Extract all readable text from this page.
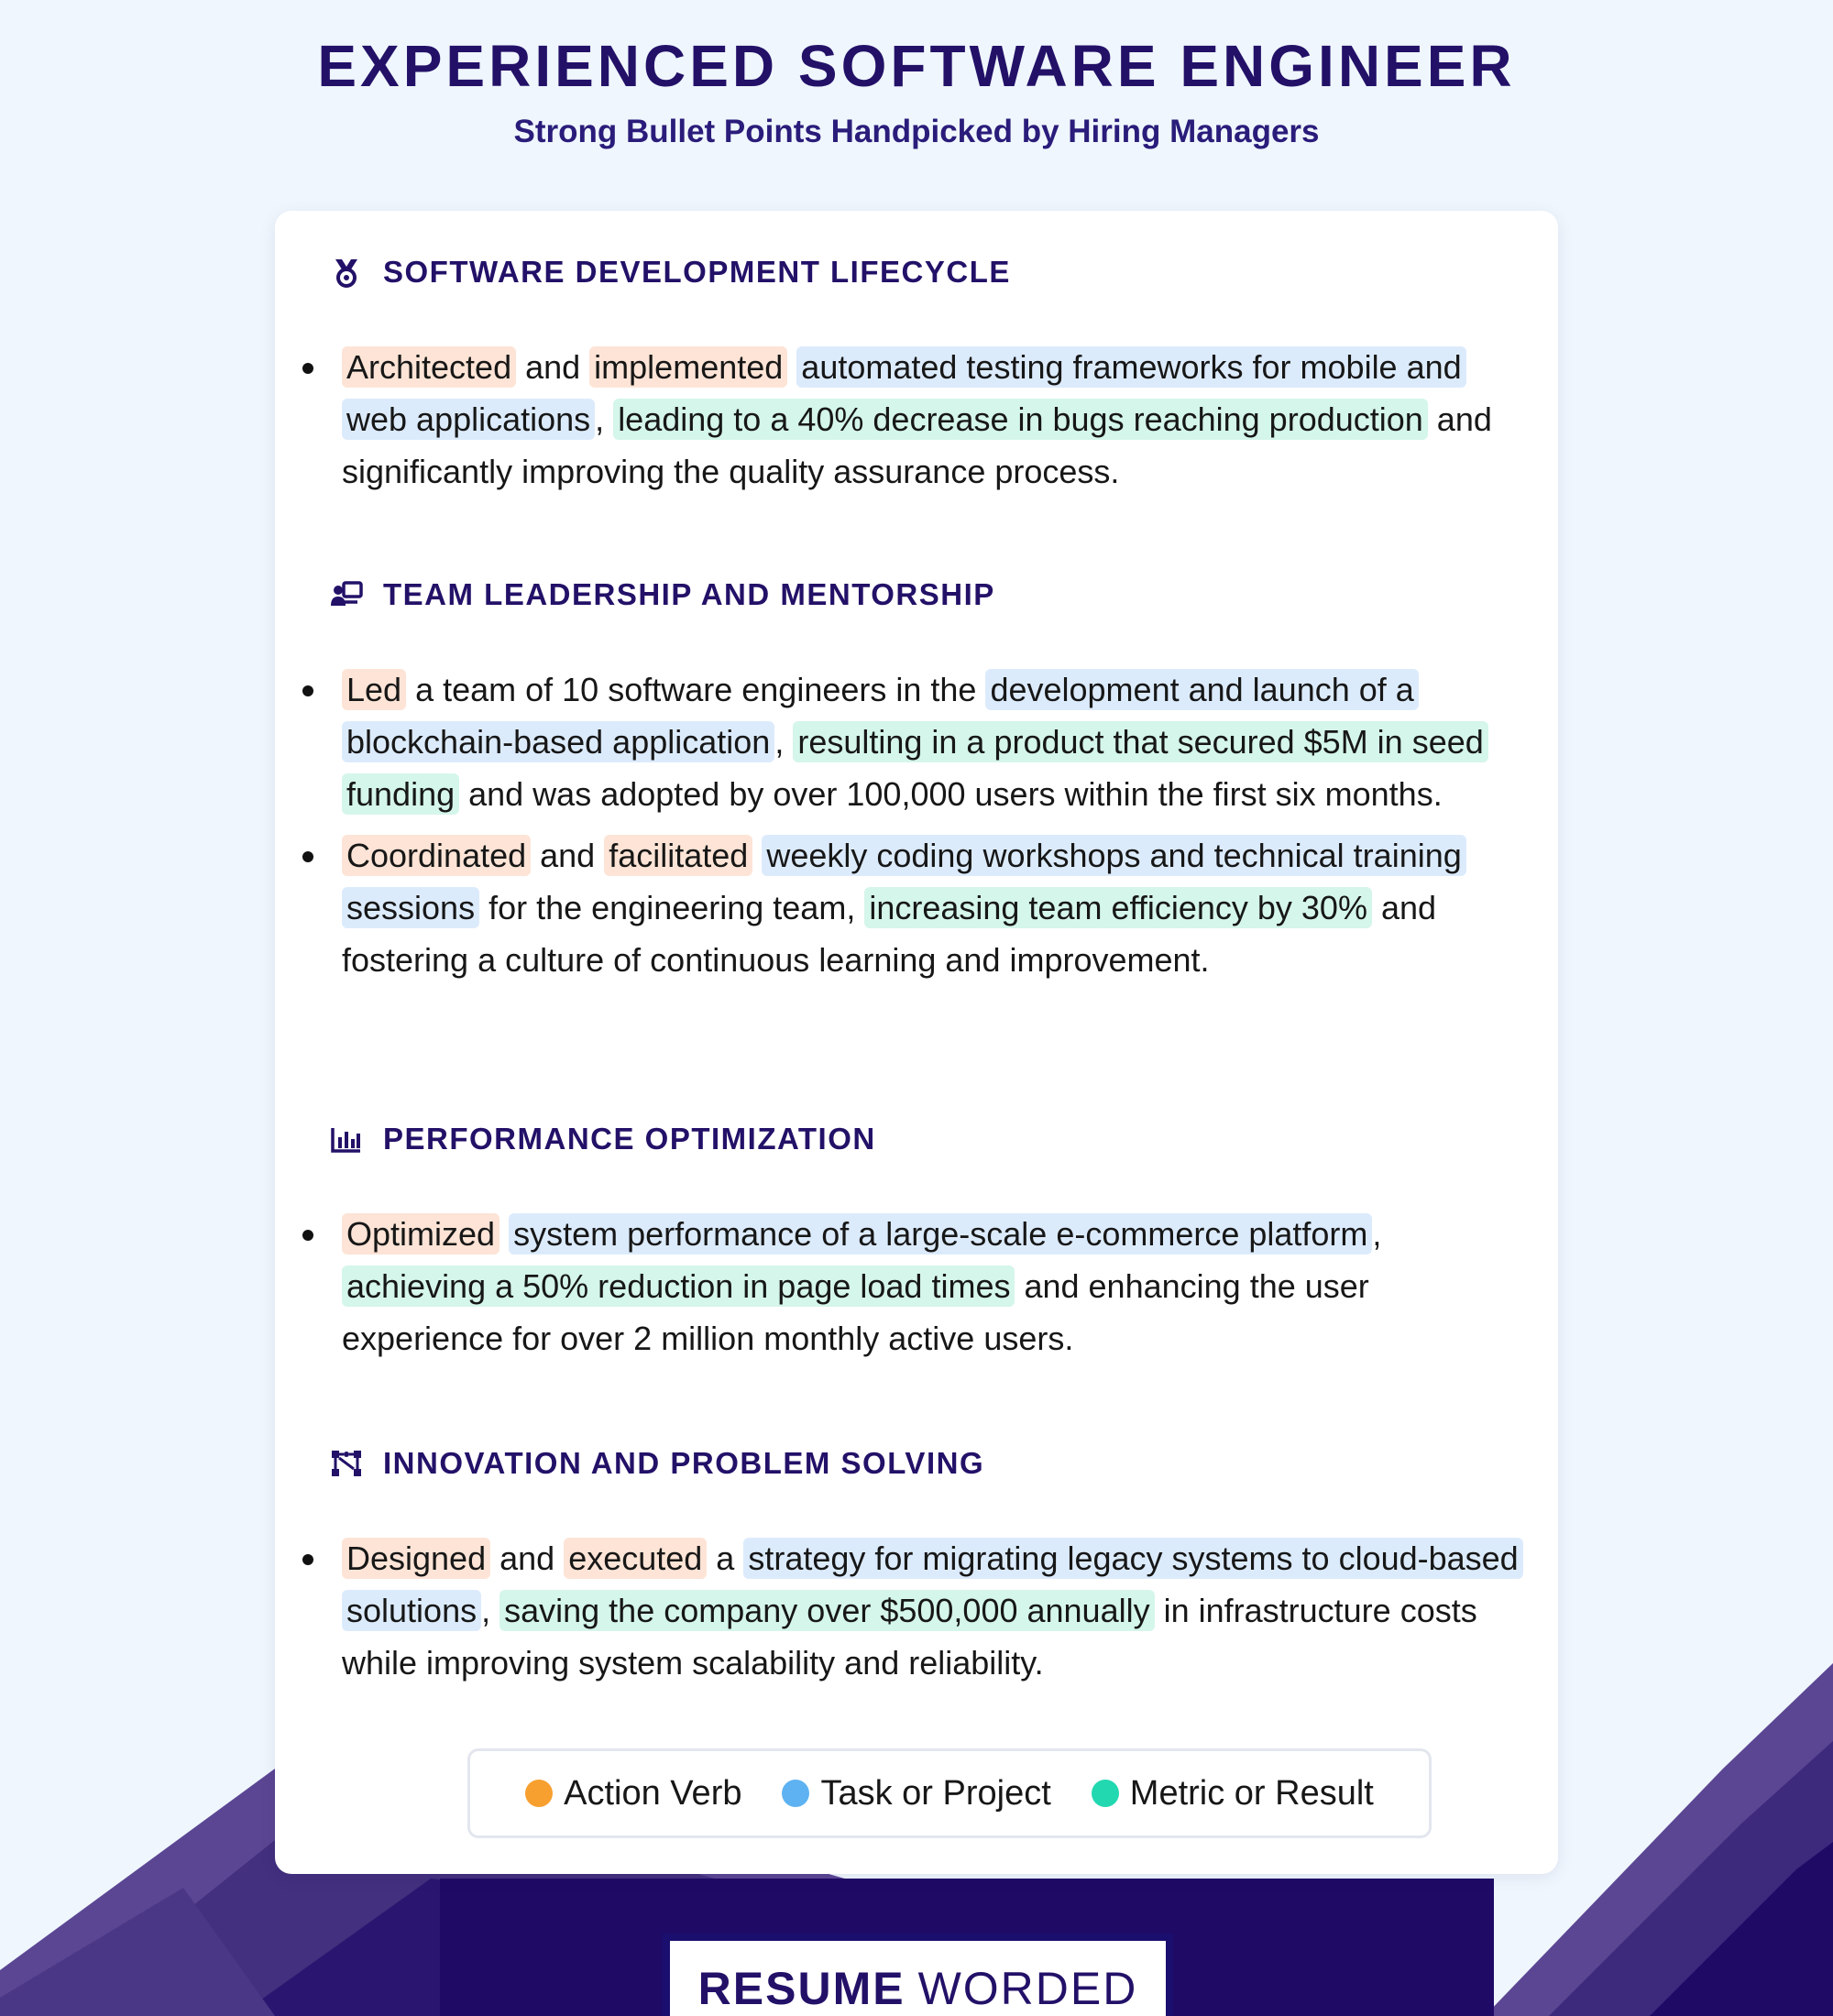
EXPERIENCED SOFTWARE ENGINEER
Strong Bullet Points Handpicked by Hiring Managers
SOFTWARE DEVELOPMENT LIFECYCLE
Architected and implemented automated testing frameworks for mobile and web applications , leading to a 40% decrease in bugs reaching production and significantly improving the quality assurance process.
TEAM LEADERSHIP AND MENTORSHIP
Led a team of 10 software engineers in the development and launch of a blockchain-based application , resulting in a product that secured $5M in seed funding and was adopted by over 100,000 users within the first six months.
Coordinated and facilitated weekly coding workshops and technical training sessions for the engineering team, increasing team efficiency by 30% and fostering a culture of continuous learning and improvement.
PERFORMANCE OPTIMIZATION
Optimized system performance of a large-scale e-commerce platform , achieving a 50% reduction in page load times and enhancing the user experience for over 2 million monthly active users.
INNOVATION AND PROBLEM SOLVING
Designed and executed a strategy for migrating legacy systems to cloud-based solutions , saving the company over $500,000 annually in infrastructure costs while improving system scalability and reliability.
Action Verb Task or Project Metric or Result
RESUME WORDED
